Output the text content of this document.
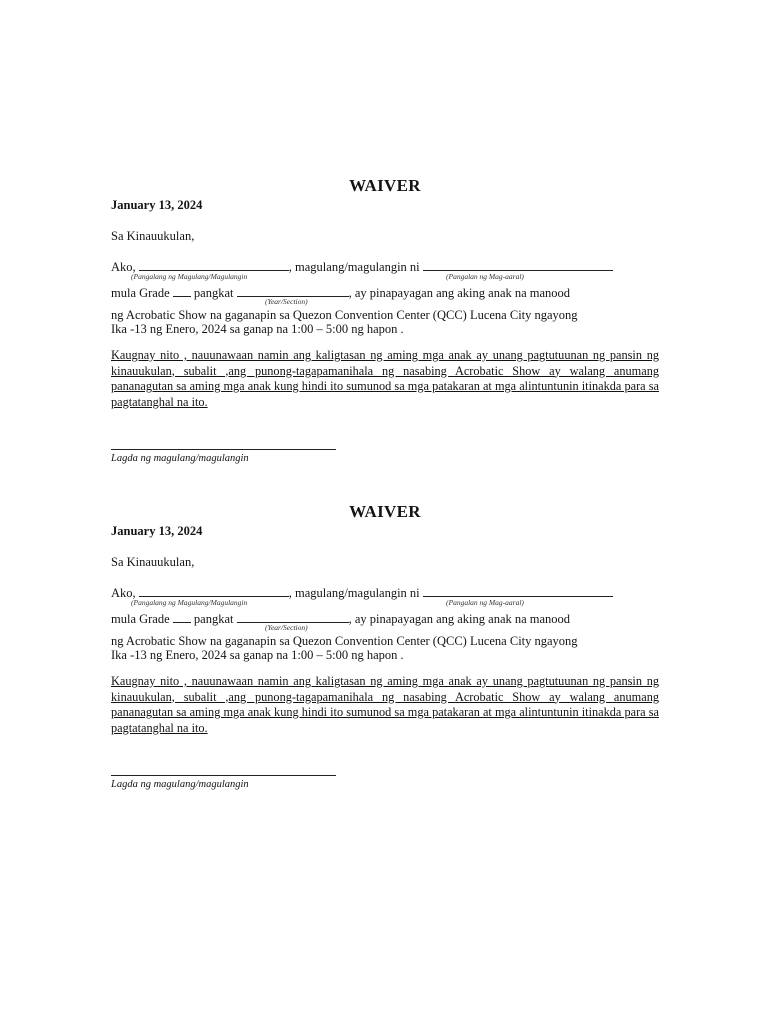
WAIVER
January 13, 2024
Sa Kinauukulan,
Ako,	, magulang/magulangin ni
(Pangalang ng Magulang/Magulangin	(Pangalan ng Mag-aaral)
mula Grade pangkat	, ay pinapayagan ang aking anak na manood
(Year/Section)
ng Acrobatic Show na gaganapin sa Quezon Convention Center (QCC) Lucena City ngayong
Ika -13 ng Enero, 2024 sa ganap na 1:00 – 5:00 ng hapon .
Kaugnay nito , nauunawaan namin ang kaligtasan ng aming mga anak ay unang pagtutuunan ng pansin ng kinauukulan, subalit ,ang punong-tagapamanihala ng nasabing Acrobatic Show ay walang anumang pananagutan sa aming mga anak kung hindi ito sumunod sa mga patakaran at mga alintuntunin itinakda para sa pagtatanghal na ito.
Lagda ng magulang/magulangin
WAIVER
January 13, 2024
Sa Kinauukulan,
Ako,	, magulang/magulangin ni
(Pangalang ng Magulang/Magulangin	(Pangalan ng Mag-aaral)
mula Grade pangkat	, ay pinapayagan ang aking anak na manood
(Year/Section)
ng Acrobatic Show na gaganapin sa Quezon Convention Center (QCC) Lucena City ngayong
Ika -13 ng Enero, 2024 sa ganap na 1:00 – 5:00 ng hapon .
Kaugnay nito , nauunawaan namin ang kaligtasan ng aming mga anak ay unang pagtutuunan ng pansin ng kinauukulan, subalit ,ang punong-tagapamanihala ng nasabing Acrobatic Show ay walang anumang pananagutan sa aming mga anak kung hindi ito sumunod sa mga patakaran at mga alintuntunin itinakda para sa pagtatanghal na ito.
Lagda ng magulang/magulangin
